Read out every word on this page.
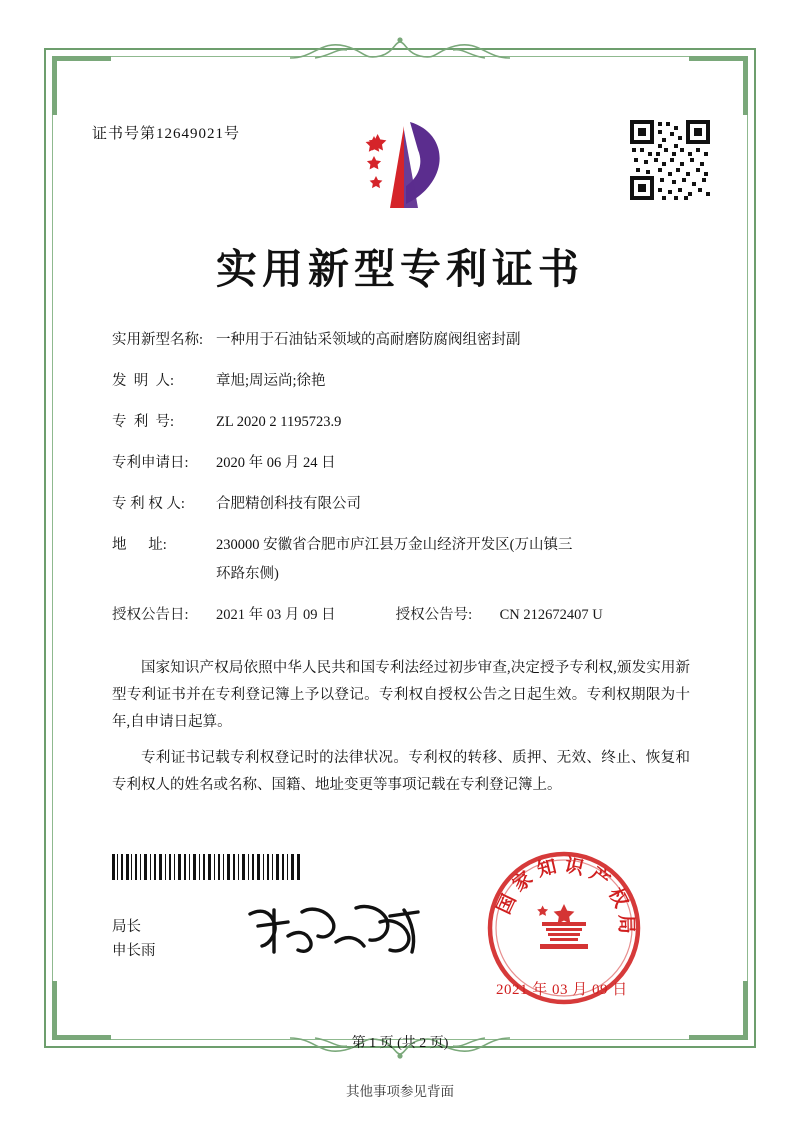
证书号第12649021号
实用新型专利证书
实用新型名称: 一种用于石油钻采领域的高耐磨防腐阀组密封副
发  明  人:	章旭;周运尚;徐艳
专  利  号:	ZL 2020 2 1195723.9
专利申请日:	2020 年 06 月 24 日
专 利 权 人:	合肥精创科技有限公司
地      址:	230000 安徽省合肥市庐江县万金山经济开发区(万山镇三
环路东侧)
授权公告日:	2021 年 03 月 09 日	授权公告号:	CN 212672407 U

国家知识产权局依照中华人民共和国专利法经过初步审查,决定授予专利权,颁发实用新型专利证书并在专利登记簿上予以登记。专利权自授权公告之日起生效。专利权期限为十年,自申请日起算。

专利证书记载专利权登记时的法律状况。专利权的转移、质押、无效、终止、恢复和专利权人的姓名或名称、国籍、地址变更等事项记载在专利登记簿上。

局长
申长雨
国家知识产权局
2021 年 03 月 09 日
第 1 页 (共 2 页)
其他事项参见背面
